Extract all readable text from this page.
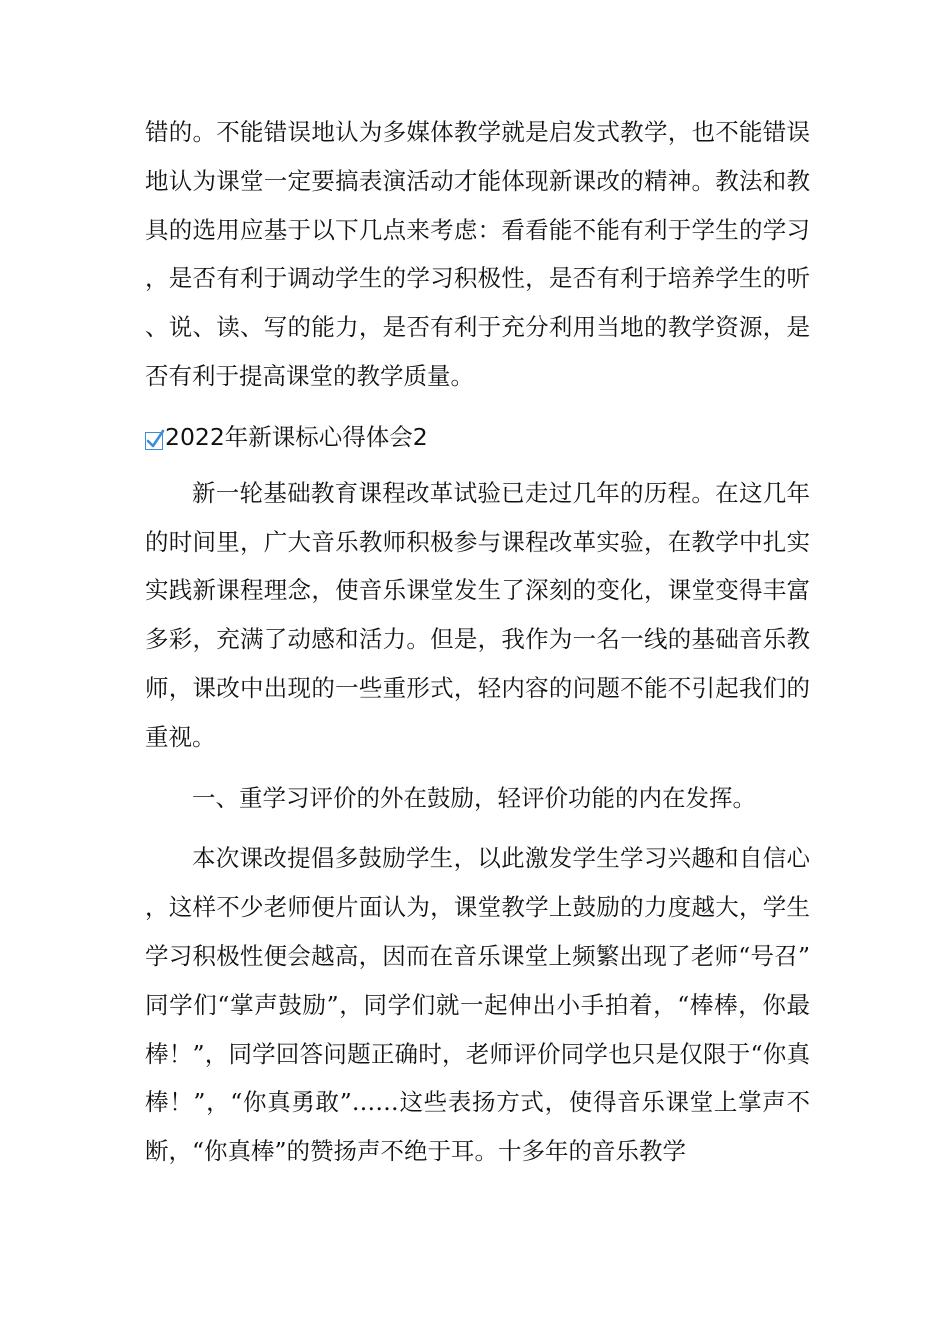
错的。不能错误地认为多媒体教学就是启发式教学，也不能错误地认为课堂一定要搞表演活动才能体现新课改的精神。教法和教具的选用应基于以下几点来考虑：看看能不能有利于学生的学习，是否有利于调动学生的学习积极性，是否有利于培养学生的听、说、读、写的能力，是否有利于充分利用当地的教学资源，是否有利于提高课堂的教学质量。

2022年新课标心得体会2

新一轮基础教育课程改革试验已走过几年的历程。在这几年的时间里，广大音乐教师积极参与课程改革实验，在教学中扎实实践新课程理念，使音乐课堂发生了深刻的变化，课堂变得丰富多彩，充满了动感和活力。但是，我作为一名一线的基础音乐教师，课改中出现的一些重形式，轻内容的问题不能不引起我们的重视。

一、重学习评价的外在鼓励，轻评价功能的内在发挥。

本次课改提倡多鼓励学生，以此激发学生学习兴趣和自信心，这样不少老师便片面认为，课堂教学上鼓励的力度越大，学生学习积极性便会越高，因而在音乐课堂上频繁出现了老师“号召”同学们“掌声鼓励”，同学们就一起伸出小手拍着，“棒棒，你最棒！”，同学回答问题正确时，老师评价同学也只是仅限于“你真棒！”，“你真勇敢”……这些表扬方式，使得音乐课堂上掌声不断，“你真棒”的赞扬声不绝于耳。十多年的音乐教学
